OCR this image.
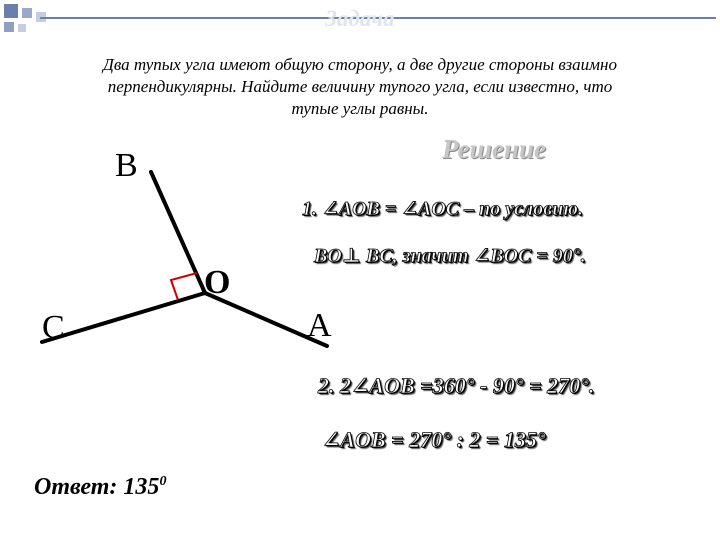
Задача
Два тупых угла имеют общую сторону, а две другие стороны взаимно
перпендикулярны. Найдите величину тупого угла, если известно, что
тупые углы равны.
B
C
O
A
Решение
1. ∠AOB = ∠AOC – по условию.
BO⊥ BC, значит ∠BOC = 90°.
2. 2∠AOB =360° - 90° = 270°.
∠AOB = 270° : 2 = 135°
Ответ: $135^0$
